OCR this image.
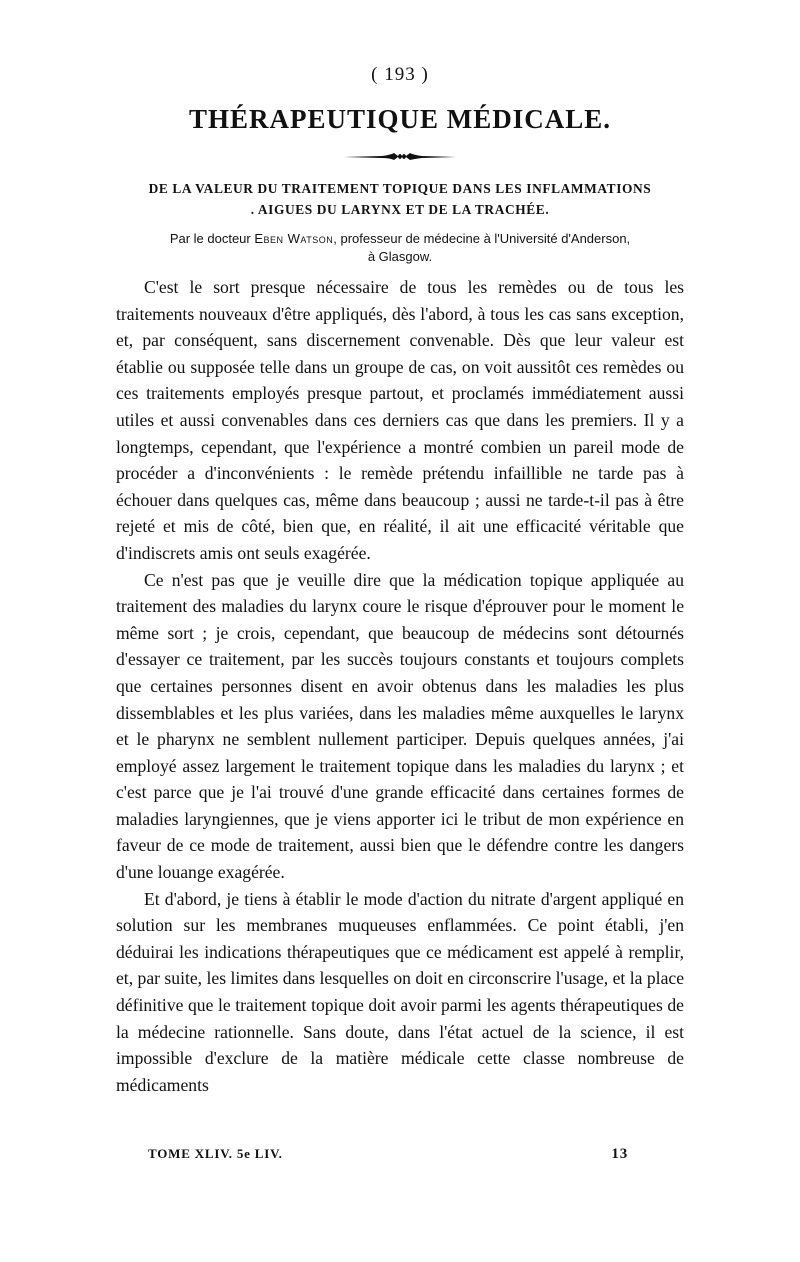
( 193 )
THÉRAPEUTIQUE MÉDICALE.
DE LA VALEUR DU TRAITEMENT TOPIQUE DANS LES INFLAMMATIONS
. AIGUES DU LARYNX ET DE LA TRACHÉE.
Par le docteur Eben Watson, professeur de médecine à l'Université d'Anderson,
à Glasgow.

C'est le sort presque nécessaire de tous les remèdes ou de tous les traitements nouveaux d'être appliqués, dès l'abord, à tous les cas sans exception, et, par conséquent, sans discernement convenable. Dès que leur valeur est établie ou supposée telle dans un groupe de cas, on voit aussitôt ces remèdes ou ces traitements employés presque partout, et proclamés immédiatement aussi utiles et aussi convenables dans ces derniers cas que dans les premiers. Il y a longtemps, cependant, que l'expérience a montré combien un pareil mode de procéder a d'inconvénients : le remède prétendu infaillible ne tarde pas à échouer dans quelques cas, même dans beaucoup ; aussi ne tarde-t-il pas à être rejeté et mis de côté, bien que, en réalité, il ait une efficacité véritable que d'indiscrets amis ont seuls exagérée.

Ce n'est pas que je veuille dire que la médication topique appliquée au traitement des maladies du larynx coure le risque d'éprouver pour le moment le même sort ; je crois, cependant, que beaucoup de médecins sont détournés d'essayer ce traitement, par les succès toujours constants et toujours complets que certaines personnes disent en avoir obtenus dans les maladies les plus dissemblables et les plus variées, dans les maladies même auxquelles le larynx et le pharynx ne semblent nullement participer. Depuis quelques années, j'ai employé assez largement le traitement topique dans les maladies du larynx ; et c'est parce que je l'ai trouvé d'une grande efficacité dans certaines formes de maladies laryngiennes, que je viens apporter ici le tribut de mon expérience en faveur de ce mode de traitement, aussi bien que le défendre contre les dangers d'une louange exagérée.

Et d'abord, je tiens à établir le mode d'action du nitrate d'argent appliqué en solution sur les membranes muqueuses enflammées. Ce point établi, j'en déduirai les indications thérapeutiques que ce médicament est appelé à remplir, et, par suite, les limites dans lesquelles on doit en circonscrire l'usage, et la place définitive que le traitement topique doit avoir parmi les agents thérapeutiques de la médecine rationnelle. Sans doute, dans l'état actuel de la science, il est impossible d'exclure de la matière médicale cette classe nombreuse de médicaments

TOME XLIV. 5e LIV.	13
